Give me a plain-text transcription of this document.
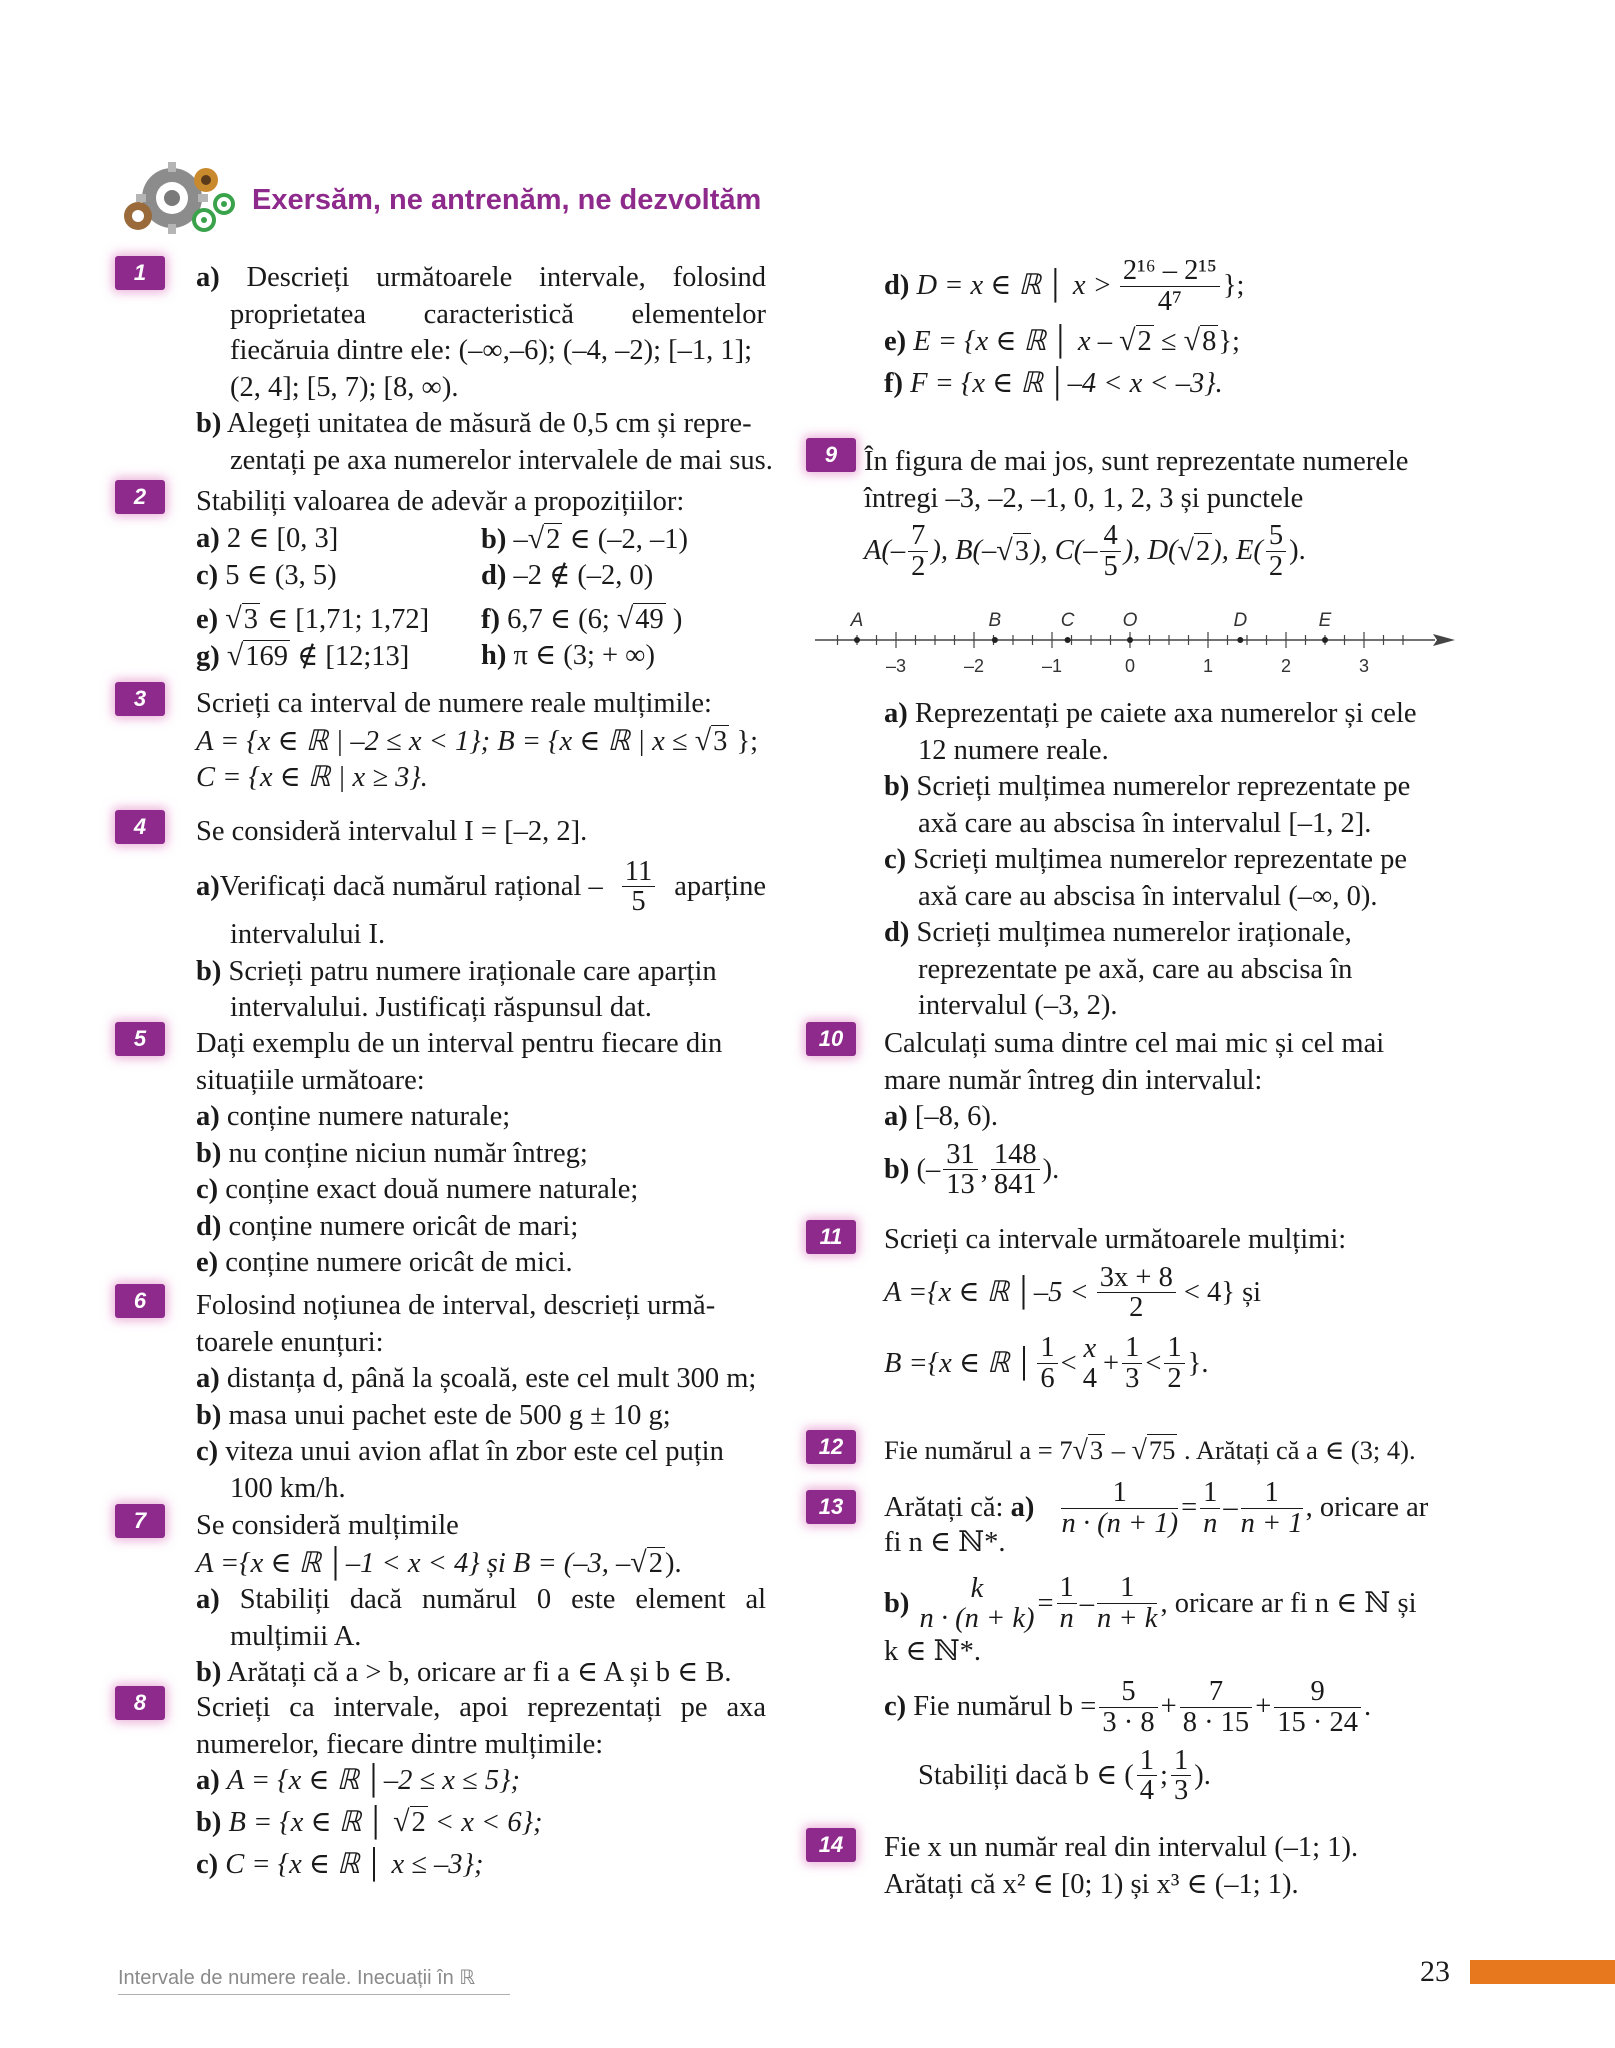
Exersăm, ne antrenăm, ne dezvoltăm
1	a) Descrieți următoarele intervale, folosind
proprietatea caracteristică elementelor
fiecăruia dintre ele: (–∞,–6); (–4, –2); [–1, 1];
(2, 4]; [5, 7); [8, ∞).
b) Alegeți unitatea de măsură de 0,5 cm și repre-
zentați pe axa numerelor intervalele de mai sus.
2	Stabiliți valoarea de adevăr a propozițiilor:
a) 2 ∈ [0, 3]	b) –√2 ∈ (–2, –1)
c) 5 ∈ (3, 5)	d) –2 ∉ (–2, 0)
e) √3 ∈ [1,71; 1,72]	f) 6,7 ∈ (6; √49 )
g) √169 ∉ [12;13]	h) π ∈ (3; + ∞)
3	Scrieți ca interval de numere reale mulțimile:
A = {x ∈ ℝ | –2 ≤ x < 1}; B = {x ∈ ℝ | x ≤ √3 };
C = {x ∈ ℝ | x ≥ 3}.
4	Se consideră intervalul I = [–2, 2].
a)Verificați dacă numărul rațional – $\frac{11}{5}$ aparține
intervalului I.
b) Scrieți patru numere iraționale care aparțin
intervalului. Justificați răspunsul dat.
5	Dați exemplu de un interval pentru fiecare din
situațiile următoare:
a) conține numere naturale;
b) nu conține niciun număr întreg;
c) conține exact două numere naturale;
d) conține numere oricât de mari;
e) conține numere oricât de mici.
6	Folosind noțiunea de interval, descrieți urmă-
toarele enunțuri:
a) distanța d, până la școală, este cel mult 300 m;
b) masa unui pachet este de 500 g ± 10 g;
c) viteza unui avion aflat în zbor este cel puțin
100 km/h.
7	Se consideră mulțimile
A ={x ∈ ℝ │–1 < x < 4} și B = (–3, –√2).
a) Stabiliți dacă numărul 0 este element al
mulțimii A.
b) Arătați că a > b, oricare ar fi a ∈ A și b ∈ B.
8	Scrieți ca intervale, apoi reprezentați pe axa
numerelor, fiecare dintre mulțimile:
a) A = {x ∈ ℝ │–2 ≤ x ≤ 5};
b) B = {x ∈ ℝ │ √2 < x < 6};
c) C = {x ∈ ℝ │ x ≤ –3};
d)
D = x ∈ ℝ │ $x > \frac{\text{2¹⁶ – 2¹⁵}}{\text{4⁷}}$ };
e) E = {x ∈ ℝ │ x – √2 ≤ √8};
f) F = {x ∈ ℝ │–4 < x < –3}.
9 În figura de mai jos, sunt reprezentate numerele
întregi –3, –2, –1, 0, 1, 2, 3 și punctele
$A(- \frac{7}{2}$ ), B(– √ 3 ), $C(- \frac{4}{5}$ ), D( √ 2 ), $E( \frac{5}{2}$ ).
–3	–2	–1	0	1	2	3
A	B	C	O	D	E
a) Reprezentați pe caiete axa numerelor și cele
12 numere reale.
b) Scrieți mulțimea numerelor reprezentate pe
axă care au abscisa în intervalul [–1, 2].
c) Scrieți mulțimea numerelor reprezentate pe
axă care au abscisa în intervalul (–∞, 0).
d) Scrieți mulțimea numerelor iraționale,
reprezentate pe axă, care au abscisa în
intervalul (–3, 2).
10	Calculați suma dintre cel mai mic și cel mai
mare număr întreg din intervalul:
a) [–8, 6).
b)
(– $\frac{31}{13}$ , $\frac{148}{841}$ ).
11	Scrieți ca intervale următoarele mulțimi:
A ={x ∈ ℝ │–5 < $\frac{3x + 8}{2} < 4$} și
B ={x ∈ ℝ │ $\frac{1}{6} < x$
$4 + \frac{1}{3} < \frac{1}{2}$ }.
12	Fie numărul a = 7√3 – √75 . Arătați că a ∈ (3; 4).
13	Arătați că:
a)
$\frac{1}{n \cdot (n + 1)} = \frac{1}{n} - \frac{1}{n + 1}$ , oricare ar
fi n ∈ ℕ*.
b)
	k
$n \cdot (n + k) = \frac{1}{n} - \frac{1}{n + k}$ , oricare ar fi n ∈ ℕ și
k ∈ ℕ*.
c)
Fie numărul $b = \frac{5}{3 \cdot 8} + \frac{7}{8 \cdot 15} + \frac{9}{15 \cdot 24}$ .
Stabiliți dacă b ∈ ( $\frac{1}{4}$ ; $\frac{1}{3}$ ).
14	Fie x un număr real din intervalul (–1; 1).
Arătați că x² ∈ [0; 1) și x³ ∈ (–1; 1).
Intervale de numere reale. Inecuații în ℝ	23
